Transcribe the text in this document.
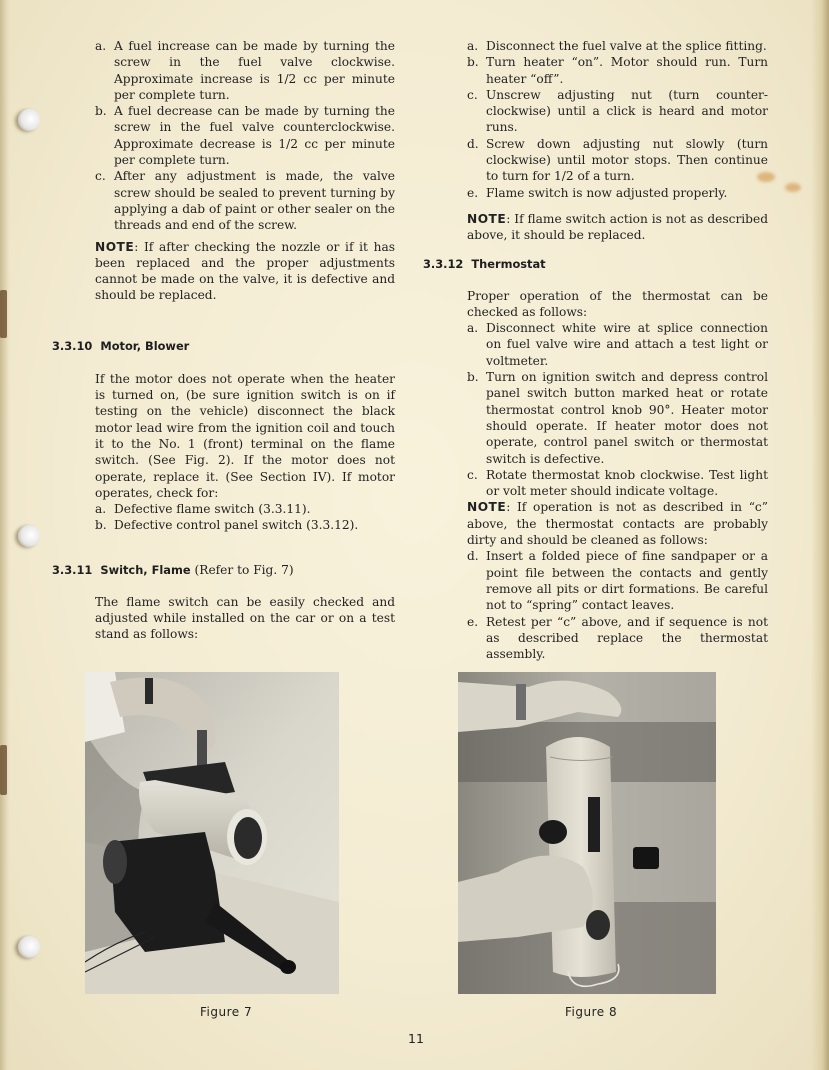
a. A fuel increase can be made by turning the screw in the fuel valve clockwise. Approximate increase is 1/2 cc per minute per complete turn.
b. A fuel decrease can be made by turning the screw in the fuel valve counterclockwise. Approximate decrease is 1/2 cc per minute per complete turn.
c. After any adjustment is made, the valve screw should be sealed to prevent turning by applying a dab of paint or other sealer on the threads and end of the screw.

NOTE: If after checking the nozzle or if it has been replaced and the proper adjustments cannot be made on the valve, it is defective and should be replaced.

3.3.10 Motor, Blower

If the motor does not operate when the heater is turned on, (be sure ignition switch is on if testing on the vehicle) disconnect the black motor lead wire from the ignition coil and touch it to the No. 1 (front) terminal on the flame switch. (See Fig. 2). If the motor does not operate, replace it. (See Section IV). If motor operates, check for:

a. Defective flame switch (3.3.11).
b. Defective control panel switch (3.3.12).
3.3.11 Switch, Flame (Refer to Fig. 7)

The flame switch can be easily checked and adjusted while installed on the car or on a test stand as follows:

a. Disconnect the fuel valve at the splice fitting.
b. Turn heater “on”. Motor should run. Turn heater “off”.
c. Unscrew adjusting nut (turn counter-clockwise) until a click is heard and motor runs.
d. Screw down adjusting nut slowly (turn clockwise) until motor stops. Then continue to turn for 1/2 of a turn.
e. Flame switch is now adjusted properly.

NOTE: If flame switch action is not as described above, it should be replaced.

3.3.12 Thermostat

Proper operation of the thermostat can be checked as follows:

a. Disconnect white wire at splice connection on fuel valve wire and attach a test light or voltmeter.
b. Turn on ignition switch and depress control panel switch button marked heat or rotate thermostat control knob 90°. Heater motor should operate. If heater motor does not operate, control panel switch or thermostat switch is defective.
c. Rotate thermostat knob clockwise. Test light or volt meter should indicate voltage.

NOTE: If operation is not as described in “c” above, the thermostat contacts are probably dirty and should be cleaned as follows:

d. Insert a folded piece of fine sandpaper or a point file between the contacts and gently remove all pits or dirt formations. Be careful not to “spring” contact leaves.
e. Retest per “c” above, and if sequence is not as described replace the thermostat assembly.
Figure 7	Figure 8
11
